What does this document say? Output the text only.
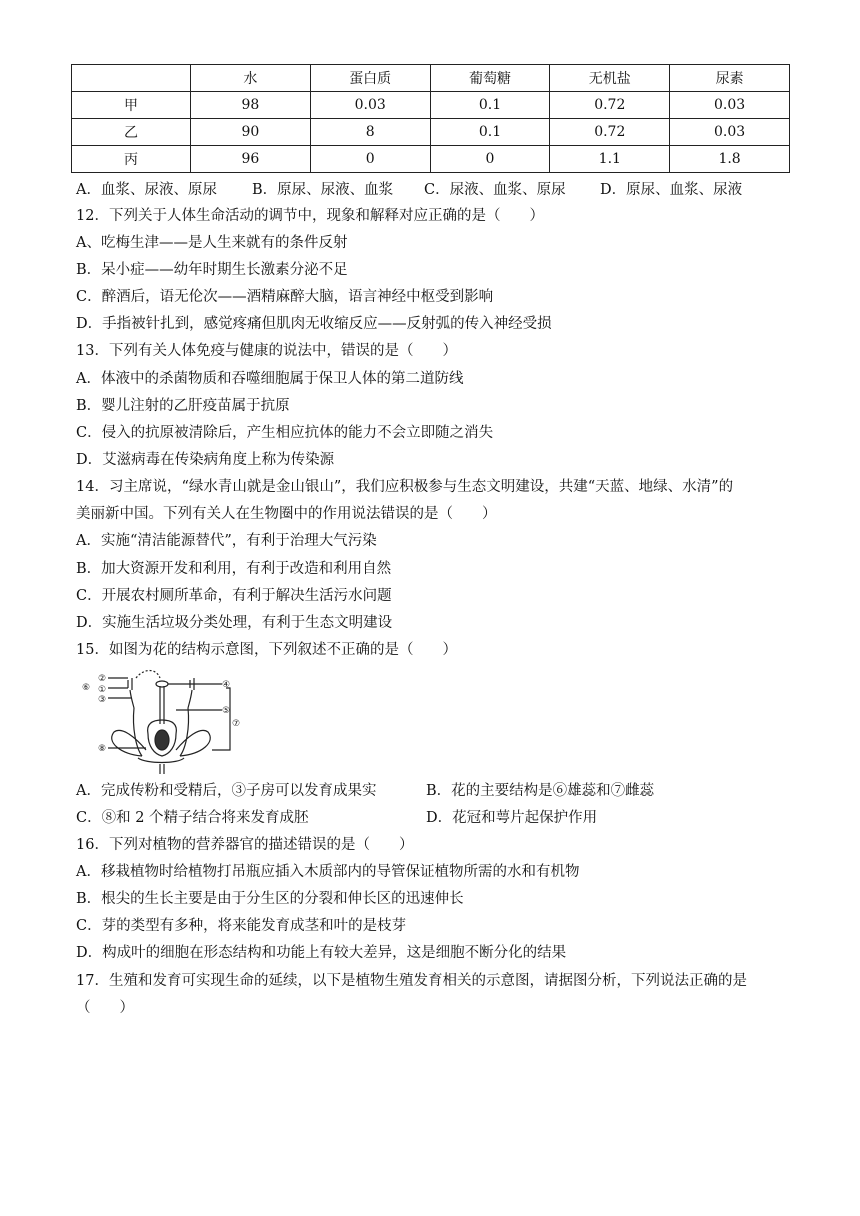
	水	蛋白质	葡萄糖	无机盐	尿素
甲	98	0.03	0.1	0.72	0.03
乙	90	8	0.1	0.72	0.03
丙	96	0	0	1.1	1.8
A．血浆、尿液、原尿 B．原尿、尿液、血浆 C．尿液、血浆、原尿 D．原尿、血浆、尿液
12．下列关于人体生命活动的调节中，现象和解释对应正确的是（　　）
A、吃梅生津——是人生来就有的条件反射
B．呆小症——幼年时期生长激素分泌不足
C．醉酒后，语无伦次——酒精麻醉大脑，语言神经中枢受到影响
D．手指被针扎到，感觉疼痛但肌肉无收缩反应——反射弧的传入神经受损
13．下列有关人体免疫与健康的说法中，错误的是（　　）
A．体液中的杀菌物质和吞噬细胞属于保卫人体的第二道防线
B．婴儿注射的乙肝疫苗属于抗原
C．侵入的抗原被清除后，产生相应抗体的能力不会立即随之消失
D．艾滋病毒在传染病角度上称为传染源
14．习主席说，“绿水青山就是金山银山”，我们应积极参与生态文明建设，共建“天蓝、地绿、水清”的
美丽新中国。下列有关人在生物圈中的作用说法错误的是（　　）
A．实施“清洁能源替代”，有利于治理大气污染
B．加大资源开发和利用，有利于改造和利用自然
C．开展农村厕所革命，有利于解决生活污水问题
D．实施生活垃圾分类处理，有利于生态文明建设
15．如图为花的结构示意图，下列叙述不正确的是（　　）
⑥
②
①
③
④
⑤
⑦
⑧
A．完成传粉和受精后，③子房可以发育成果实	B．花的主要结构是⑥雄蕊和⑦雌蕊
C．⑧和 2 个精子结合将来发育成胚	D．花冠和萼片起保护作用
16．下列对植物的营养器官的描述错误的是（　　）
A．移栽植物时给植物打吊瓶应插入木质部内的导管保证植物所需的水和有机物
B．根尖的生长主要是由于分生区的分裂和伸长区的迅速伸长
C．芽的类型有多种，将来能发育成茎和叶的是枝芽
D．构成叶的细胞在形态结构和功能上有较大差异，这是细胞不断分化的结果
17．生殖和发育可实现生命的延续，以下是植物生殖发育相关的示意图，请据图分析，下列说法正确的是
（　　）
